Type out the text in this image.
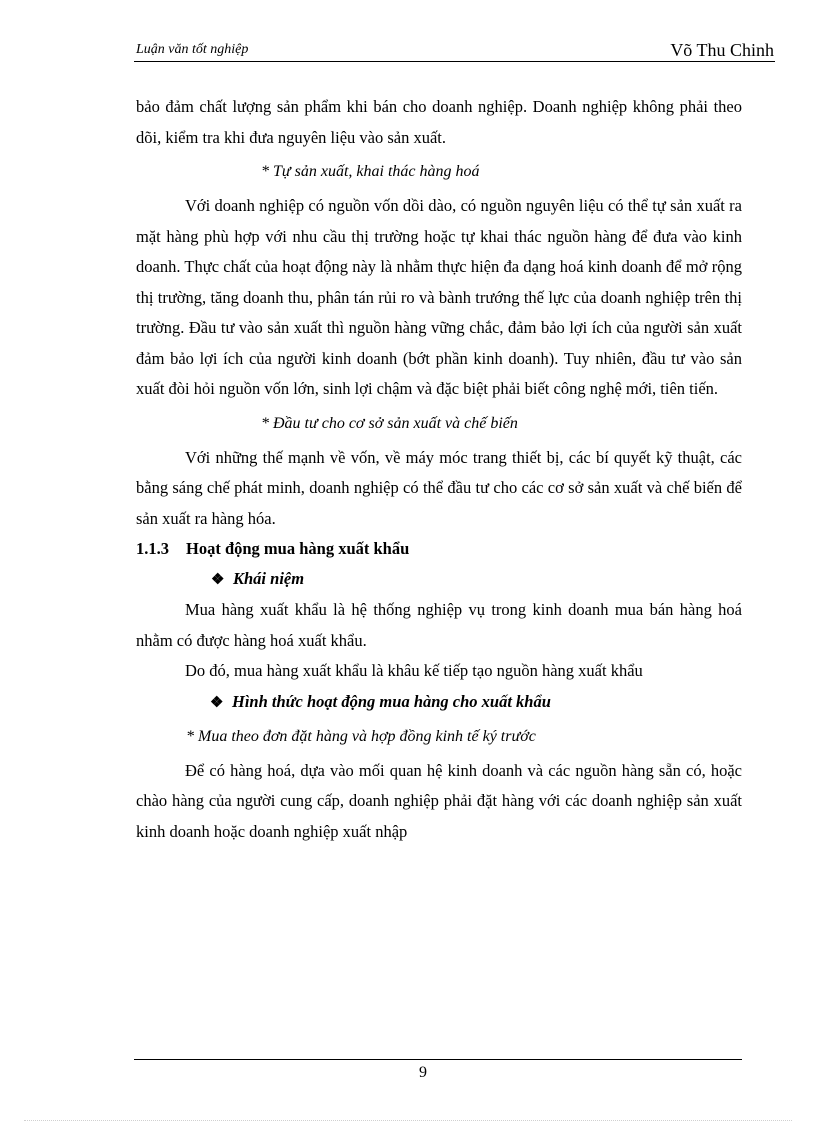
Luận văn tốt nghiệp	Võ Thu Chinh

bảo đảm chất lượng sản phẩm khi bán cho doanh nghiệp. Doanh nghiệp không phải theo dõi, kiểm tra khi đưa nguyên liệu vào sản xuất.

* Tự sản xuất, khai thác hàng hoá

Với doanh nghiệp có nguồn vốn dồi dào, có nguồn nguyên liệu có thể tự sản xuất ra mặt hàng phù hợp với nhu cầu thị trường hoặc tự khai thác nguồn hàng để đưa vào kinh doanh. Thực chất của hoạt động này là nhằm thực hiện đa dạng hoá kinh doanh để mở rộng thị trường, tăng doanh thu, phân tán rủi ro và bành trướng thế lực của doanh nghiệp trên thị trường. Đầu tư vào sản xuất thì nguồn hàng vững chắc, đảm bảo lợi ích của người sản xuất đảm bảo lợi ích của người kinh doanh (bớt phần kinh doanh). Tuy nhiên, đầu tư vào sản xuất đòi hỏi nguồn vốn lớn, sinh lợi chậm và đặc biệt phải biết công nghệ mới, tiên tiến.

* Đầu tư cho cơ sở sản xuất và chế biến

Với những thế mạnh về vốn, về máy móc trang thiết bị, các bí quyết kỹ thuật, các bằng sáng chế phát minh, doanh nghiệp có thể đầu tư cho các cơ sở sản xuất và chế biến để sản xuất ra hàng hóa.

1.1.3 Hoạt động mua hàng xuất khẩu

❖ Khái niệm

Mua hàng xuất khẩu là hệ thống nghiệp vụ trong kinh doanh mua bán hàng hoá nhằm có được hàng hoá xuất khẩu.

Do đó, mua hàng xuất khẩu là khâu kế tiếp tạo nguồn hàng xuất khẩu

❖ Hình thức hoạt động mua hàng cho xuất khẩu

* Mua theo đơn đặt hàng và hợp đồng kinh tế ký trước

Để có hàng hoá, dựa vào mối quan hệ kinh doanh và các nguồn hàng sẵn có, hoặc chào hàng của người cung cấp, doanh nghiệp phải đặt hàng với các doanh nghiệp sản xuất kinh doanh hoặc doanh nghiệp xuất nhập

9
